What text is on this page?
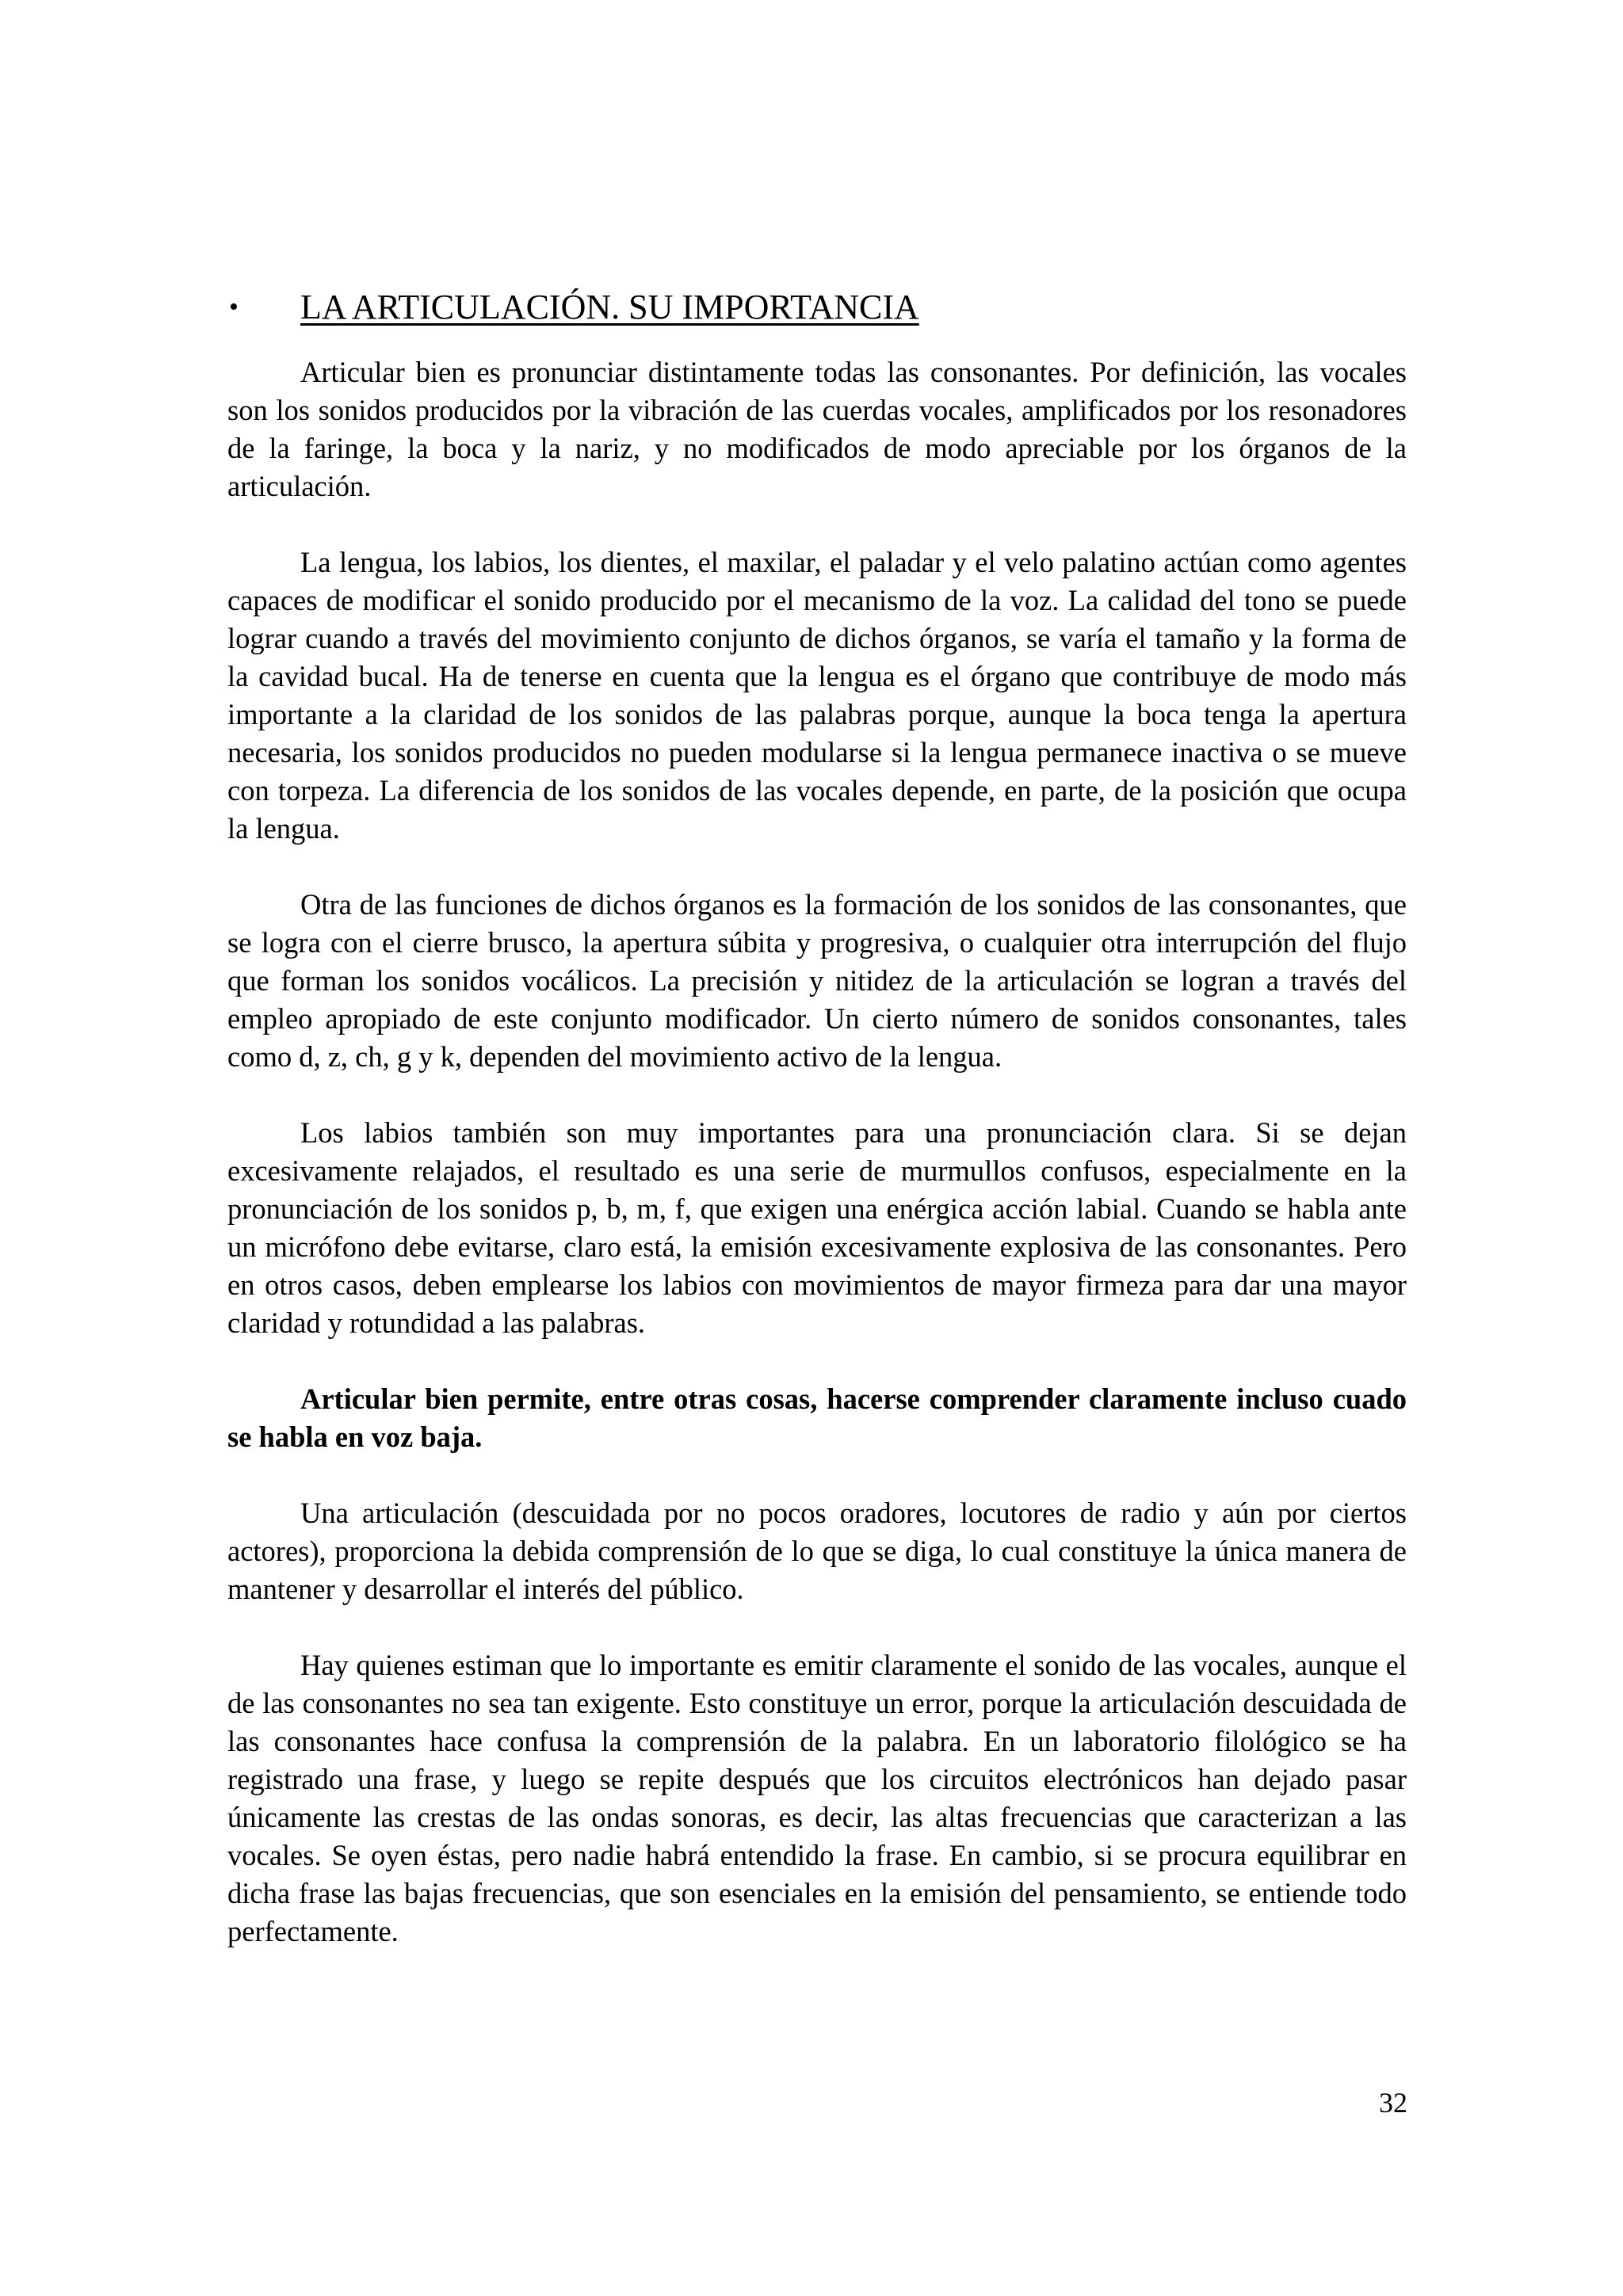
•	LA ARTICULACIÓN. SU IMPORTANCIA

Articular bien es pronunciar distintamente todas las consonantes. Por definición, las vocales son los sonidos producidos por la vibración de las cuerdas vocales, amplificados por los resonadores de la faringe, la boca y la nariz, y no modificados de modo apreciable por los órganos de la articulación.

La lengua, los labios, los dientes, el maxilar, el paladar y el velo palatino actúan como agentes capaces de modificar el sonido producido por el mecanismo de la voz. La calidad del tono se puede lograr cuando a través del movimiento conjunto de dichos órganos, se varía el tamaño y la forma de la cavidad bucal. Ha de tenerse en cuenta que la lengua es el órgano que contribuye de modo más importante a la claridad de los sonidos de las palabras porque, aunque la boca tenga la apertura necesaria, los sonidos producidos no pueden modularse si la lengua permanece inactiva o se mueve con torpeza. La diferencia de los sonidos de las vocales depende, en parte, de la posición que ocupa la lengua.

Otra de las funciones de dichos órganos es la formación de los sonidos de las consonantes, que se logra con el cierre brusco, la apertura súbita y progresiva, o cualquier otra interrupción del flujo que forman los sonidos vocálicos. La precisión y nitidez de la articulación se logran a través del empleo apropiado de este conjunto modificador. Un cierto número de sonidos consonantes, tales como d, z, ch, g y k, dependen del movimiento activo de la lengua.

Los labios también son muy importantes para una pronunciación clara. Si se dejan excesivamente relajados, el resultado es una serie de murmullos confusos, especialmente en la pronunciación de los sonidos p, b, m, f, que exigen una enérgica acción labial. Cuando se habla ante un micrófono debe evitarse, claro está, la emisión excesivamente explosiva de las consonantes. Pero en otros casos, deben emplearse los labios con movimientos de mayor firmeza para dar una mayor claridad y rotundidad a las palabras.

Articular bien permite, entre otras cosas, hacerse comprender claramente incluso cuado se habla en voz baja.

Una articulación (descuidada por no pocos oradores, locutores de radio y aún por ciertos actores), proporciona la debida comprensión de lo que se diga, lo cual constituye la única manera de mantener y desarrollar el interés del público.

Hay quienes estiman que lo importante es emitir claramente el sonido de las vocales, aunque el de las consonantes no sea tan exigente. Esto constituye un error, porque la articulación descuidada de las consonantes hace confusa la comprensión de la palabra. En un laboratorio filológico se ha registrado una frase, y luego se repite después que los circuitos electrónicos han dejado pasar únicamente las crestas de las ondas sonoras, es decir, las altas frecuencias que caracterizan a las vocales. Se oyen éstas, pero nadie habrá entendido la frase. En cambio, si se procura equilibrar en dicha frase las bajas frecuencias, que son esenciales en la emisión del pensamiento, se entiende todo perfectamente.

32
